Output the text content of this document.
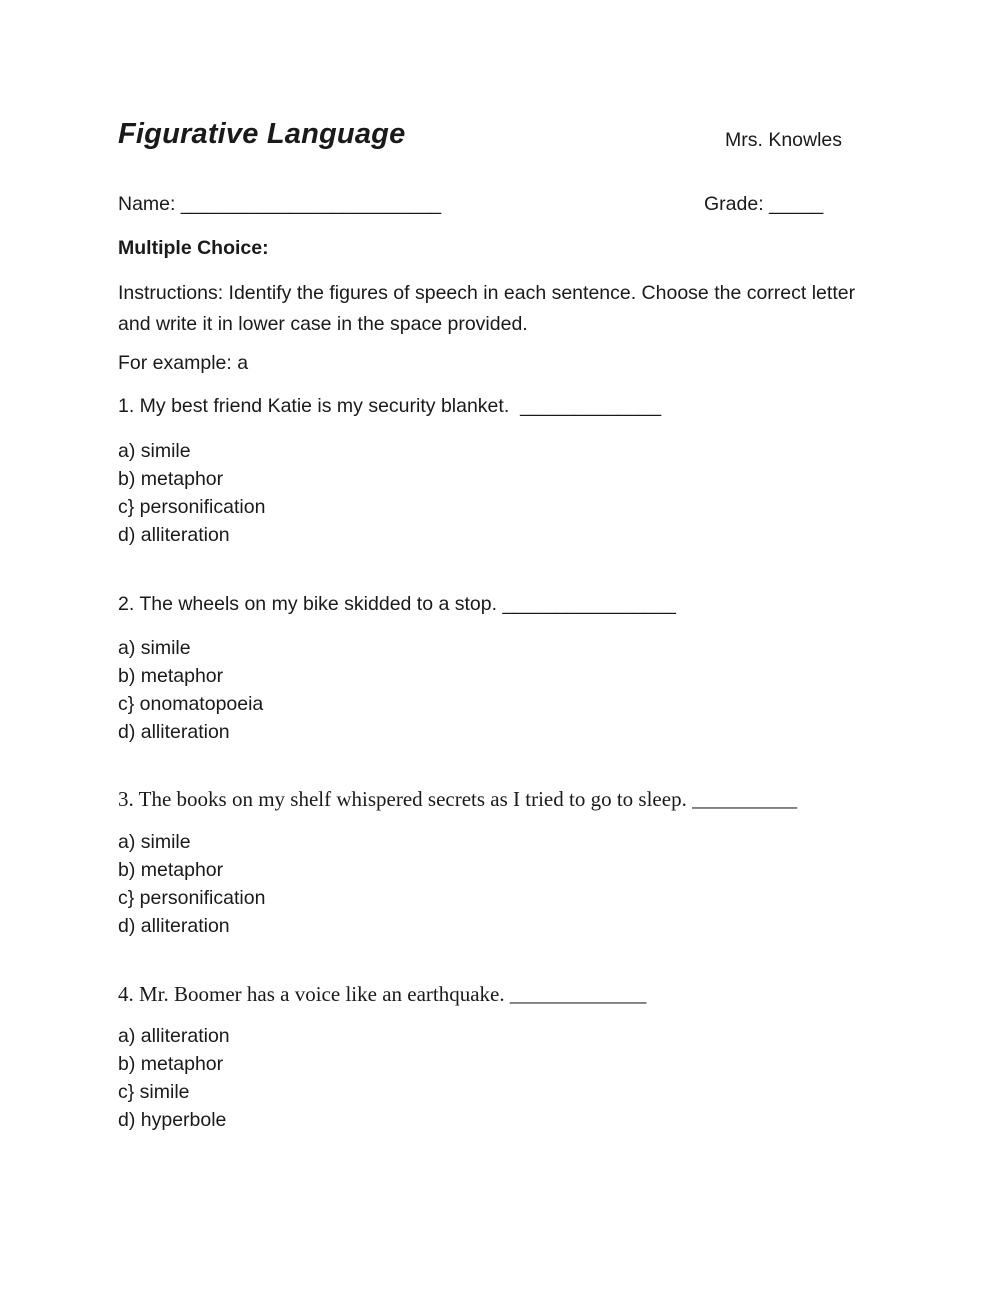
Figurative Language	Mrs. Knowles
Name: ________________________	Grade: _____
Multiple Choice:

Instructions: Identify the figures of speech in each sentence. Choose the correct letter and write it in lower case in the space provided.

For example: a
1. My best friend Katie is my security blanket.  _____________
a) simile
b) metaphor
c} personification
d) alliteration
2. The wheels on my bike skidded to a stop. ________________
a) simile
b) metaphor
c} onomatopoeia
d) alliteration
3. The books on my shelf whispered secrets as I tried to go to sleep. __________
a) simile
b) metaphor
c} personification
d) alliteration
4. Mr. Boomer has a voice like an earthquake. _____________
a) alliteration
b) metaphor
c} simile
d) hyperbole
